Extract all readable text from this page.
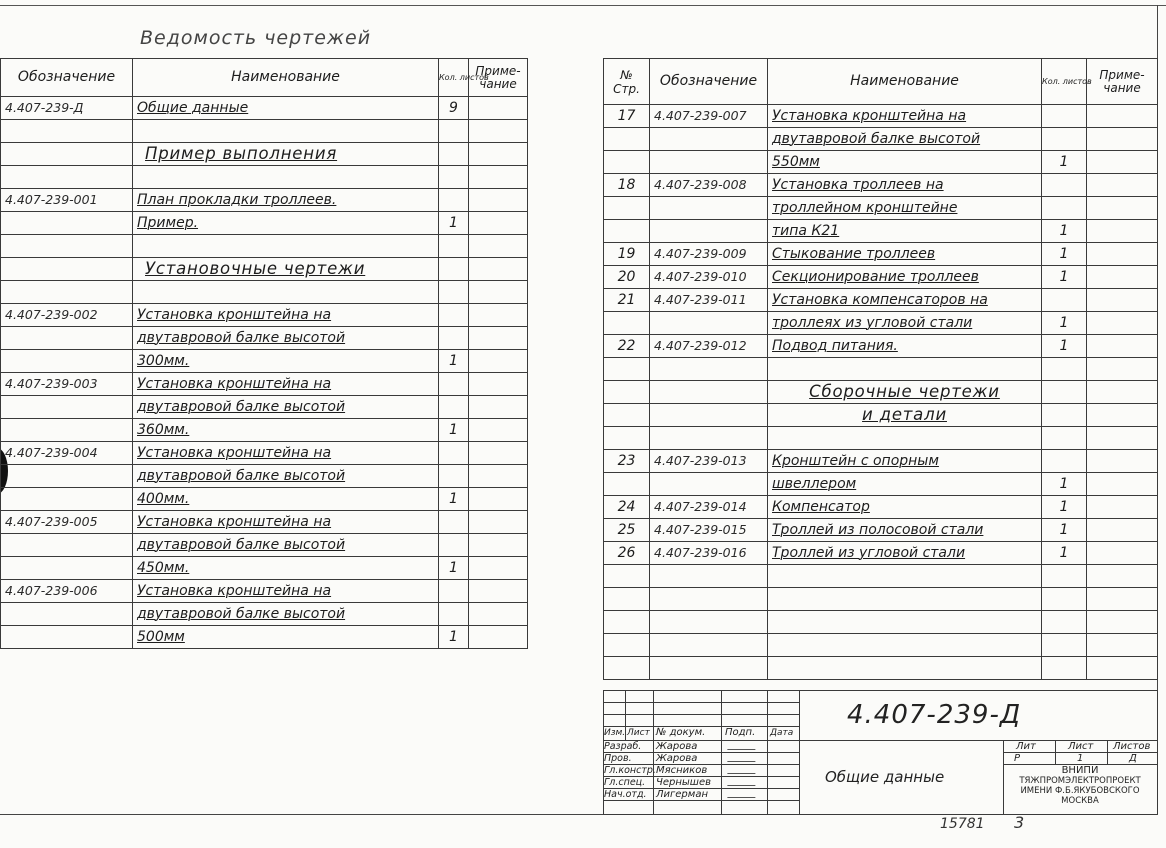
Ведомость чертежей
Обозначение	Наименование	Кол. листов	Приме- чание
4.407-239-Д	Общие данные	9	

	Пример выполнения		

4.407-239-001	План прокладки троллеев.		
	Пример.	1	

	Установочные чертежи		

4.407-239-002	Установка кронштейна на		
	двутавровой балке высотой		
	300мм.	1	
4.407-239-003	Установка кронштейна на		
	двутавровой балке высотой		
	360мм.	1	
4.407-239-004	Установка кронштейна на		
	двутавровой балке высотой		
	400мм.	1	
4.407-239-005	Установка кронштейна на		
	двутавровой балке высотой		
	450мм.	1	
4.407-239-006	Установка кронштейна на		
	двутавровой балке высотой		
	500мм	1	
№ Стр.	Обозначение	Наименование	Кол. листов	Приме- чание
17	4.407-239-007	Установка кронштейна на		
		двутавровой балке высотой		
		550мм	1	
18	4.407-239-008	Установка троллеев на		
		троллейном кронштейне		
		типа К21	1	
19	4.407-239-009	Стыкование троллеев	1	
20	4.407-239-010	Секционирование троллеев	1	
21	4.407-239-011	Установка компенсаторов на		
		троллеях из угловой стали	1	
22	4.407-239-012	Подвод питания.	1	

		Сборочные чертежи		
		и детали		

23	4.407-239-013	Кронштейн с опорным		
		швеллером	1	
24	4.407-239-014	Компенсатор	1	
25	4.407-239-015	Троллей из полосовой стали	1	
26	4.407-239-016	Троллей из угловой стали	1	

Изм. Лист № докум. Подп. Дата
Разраб. Жарова
Пров. Жарова
Гл.констр. Мясников
Гл.спец. Чернышев
Нач.отд. Лигерман
4.407-239-Д
Общие данные
Лит	Лист Листов
Р	1	Д
ВНИПИ
ТЯЖПРОМЭЛЕКТРОПРОЕКТ
ИМЕНИ Ф.Б.ЯКУБОВСКОГО
МОСКВА
15781 3
